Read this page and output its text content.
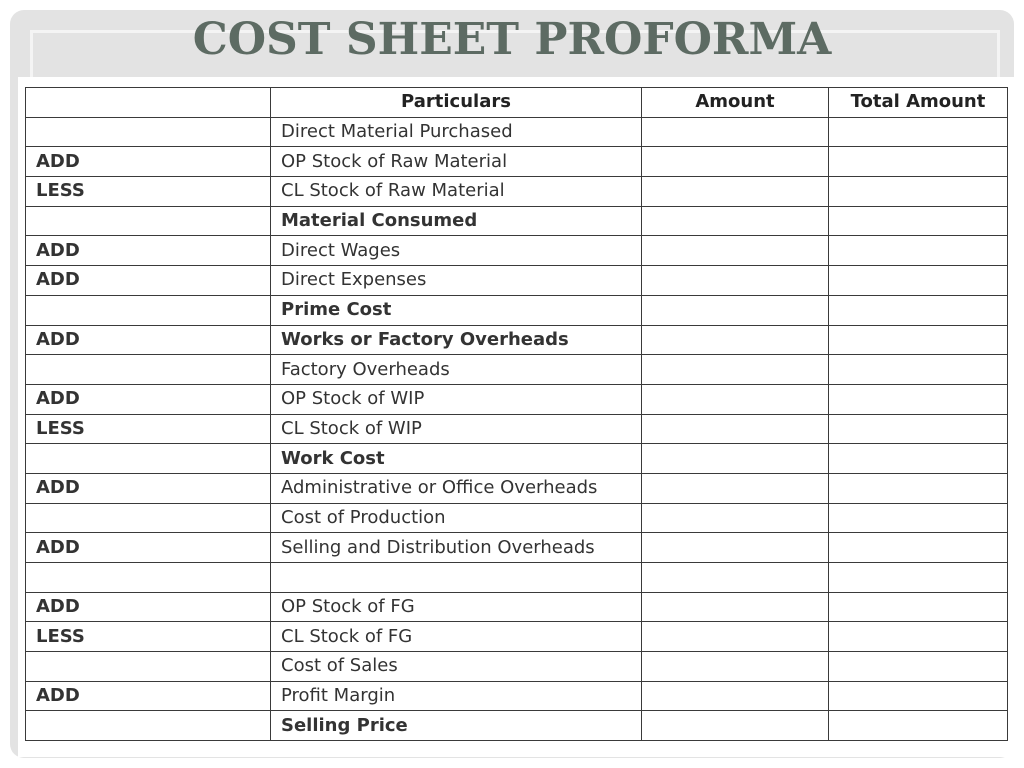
COST SHEET PROFORMA
	Particulars	Amount	Total Amount
	Direct Material Purchased		
ADD	OP Stock of Raw Material		
LESS	CL Stock of Raw Material		
	Material Consumed		
ADD	Direct Wages		
ADD	Direct Expenses		
	Prime Cost		
ADD	Works or Factory Overheads		
	Factory Overheads		
ADD	OP Stock of WIP		
LESS	CL Stock of WIP		
	Work Cost		
ADD	Administrative or Office Overheads		
	Cost of Production		
ADD	Selling and Distribution Overheads		

ADD	OP Stock of FG		
LESS	CL Stock of FG		
	Cost of Sales		
ADD	Profit Margin		
	Selling Price		
